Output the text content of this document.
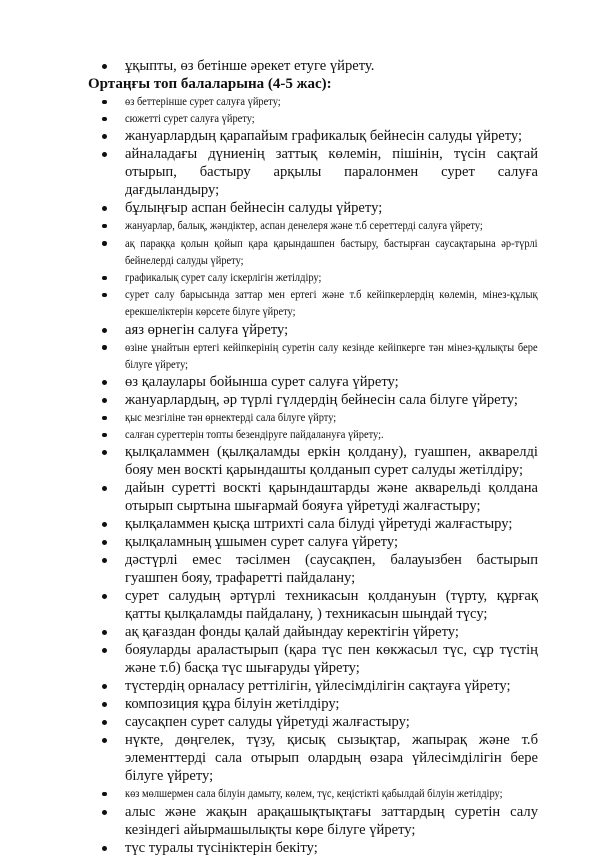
ұқыпты, өз бетінше әрекет етуге үйрету.

Ортаңғы топ балаларына (4-5 жас):

өз беттерінше сурет салуға үйрету;
сюжетті сурет салуға үйрету;
жануарлардың қарапайым графикалық бейнесін салуды үйрету;
айналадағы дүниенің заттық көлемін, пішінін, түсін сақтай отырып, бастыру арқылы паралонмен сурет салуға дағдыландыру;
бұлыңғыр аспан бейнесін салуды үйрету;
жануарлар, балық, жәндіктер, аспан денелеря және т.б сереттерді салуға үйрету;
ақ параққа қолын қойып қара қарындашпен бастыру, бастырған саусақтарына әр-түрлі бейнелерді салуды үйрету;
графикалық сурет салу іскерлігін жетілдіру;
сурет салу барысында заттар мен ертегі және т.б кейіпкерлердің көлемін, мінез-құлық ерекшеліктерін көрсете білуге үйрету;
аяз өрнегін салуға үйрету;
өзіне ұнайтын ертегі кейіпкерінің суретін салу кезінде кейіпкерге тән мінез-құлықты бере білуге үйрету;
өз қалаулары бойынша сурет салуға үйрету;
жануарлардың, әр түрлі гүлдердің бейнесін сала білуге үйрету;
қыс мезгіліне тән өрнектерді сала білуге үйрту;
салған суреттерін топты безендіруге пайдалануға үйрету;.
қылқаламмен (қылқаламды еркін қолдану), гуашпен, акварелді бояу мен воскті қарындашты қолданып сурет салуды жетілдіру;
дайын суретті воскті қарындаштарды және акварельді қолдана отырып сыртына шығармай бояуға үйретуді жалғастыру;
қылқаламмен қысқа штрихті сала білуді үйретуді жалғастыру;
қылқаламның ұшымен сурет салуға үйрету;
дәстүрлі емес тәсілмен (саусақпен, балауызбен бастырып гуашпен бояу, трафаретті пайдалану;
сурет салудың әртүрлі техникасын қолдануын (түрту, құрғақ қатты қылқаламды пайдалану, ) техникасын шыңдай түсу;
ақ қағаздан фонды қалай дайындау керектігін үйрету;
бояуларды араластырып (қара түс пен көкжасыл түс, сұр түстің және т.б) басқа түс шығаруды үйрету;
түстердің орналасу реттілігін, үйлесімділігін сақтауға үйрету;
композиция құра білуін жетілдіру;
саусақпен сурет салуды үйретуді жалғастыру;
нүкте, дөңгелек, түзу, қисық сызықтар, жапырақ және т.б элементтерді сала отырып олардың өзара үйлесімділігін бере білуге үйрету;
көз мөлшермен сала білуін дамыту, көлем, түс, кеңістікті қабылдай білуін жетілдіру;
алыс және жақын арақашықтықтағы заттардың суретін салу кезіндегі айырмашылықты көре білуге үйрету;
түс туралы түсініктерін бекіту;
